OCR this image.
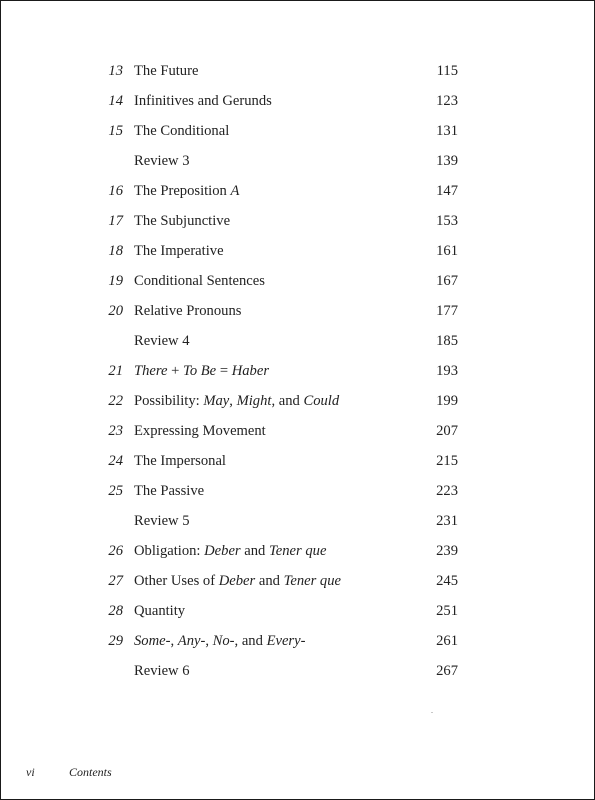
13 The Future	115
14 Infinitives and Gerunds	123
15 The Conditional	131
Review 3	139
16 The Preposition A	147
17 The Subjunctive	153
18 The Imperative	161
19 Conditional Sentences	167
20 Relative Pronouns	177
Review 4	185
21 There + To Be = Haber	193
22 Possibility: May, Might, and Could	199
23 Expressing Movement	207
24 The Impersonal	215
25 The Passive	223
Review 5	231
26 Obligation: Deber and Tener que	239
27 Other Uses of Deber and Tener que	245
28 Quantity	251
29 Some-, Any-, No-, and Every-	261
Review 6	267
vi	Contents
